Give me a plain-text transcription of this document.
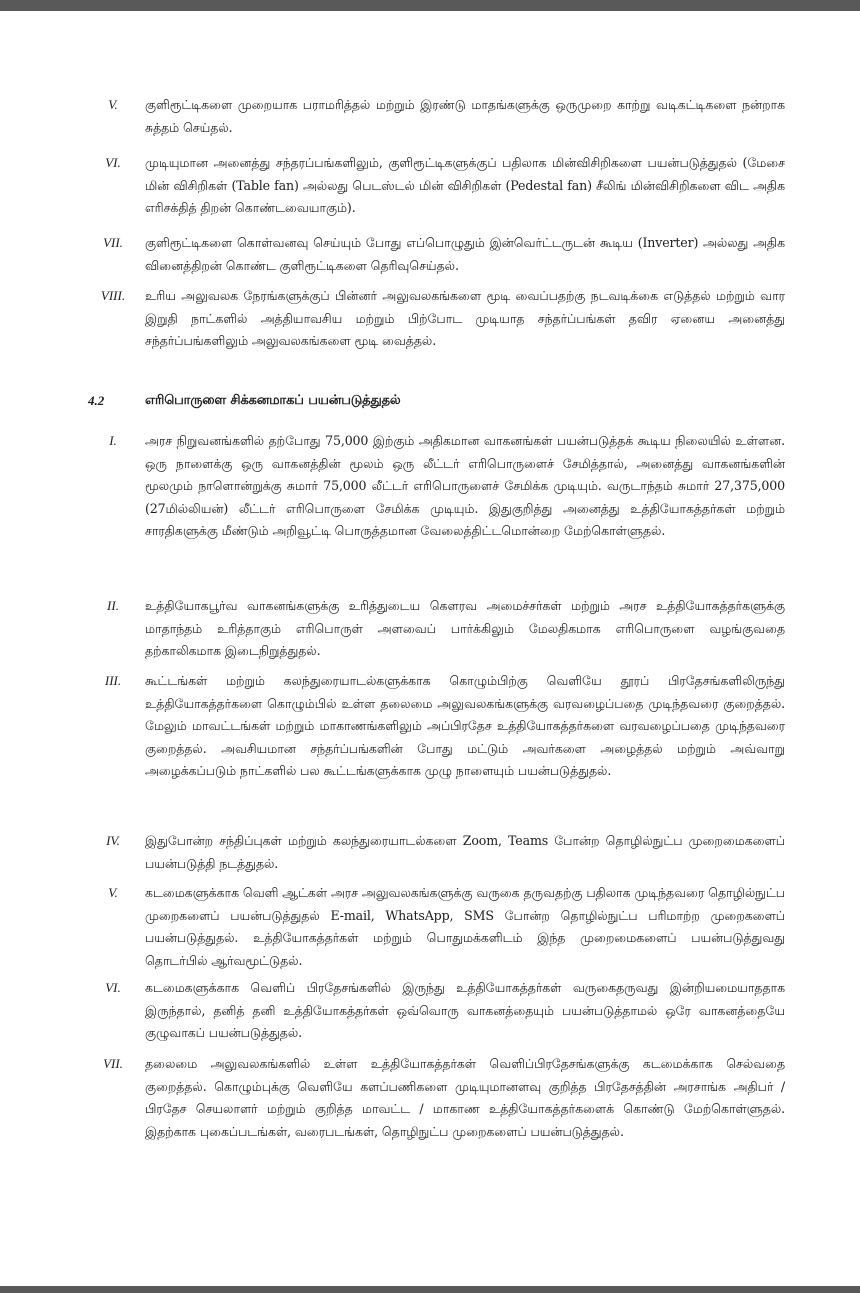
V.	குளிரூட்டிகளை முறையாக பராமரித்தல் மற்றும் இரண்டு மாதங்களுக்கு ஒருமுறை காற்று வடிகட்டிகளை நன்றாக சுத்தம் செய்தல்.
VI.	முடியுமான அனைத்து சந்தரப்பங்களிலும், குளிரூட்டிகளுக்குப் பதிலாக மின்விசிறிகளை பயன்படுத்துதல் (மேசை மின் விசிறிகள் (Table fan) அல்லது பெடஸ்டல் மின் விசிறிகள் (Pedestal fan) சீலிங் மின்விசிறிகளை விட அதிக எரிசக்தித் திறன் கொண்டவையாகும்).
VII.	குளிரூட்டிகளை கொள்வனவு செய்யும் போது எப்பொழுதும் இன்வெர்ட்டருடன் கூடிய (Inverter) அல்லது அதிக வினைத்திறன் கொண்ட குளிரூட்டிகளை தெரிவுசெய்தல்.
VIII.	உரிய அலுவலக நேரங்களுக்குப் பின்னர் அலுவலகங்களை மூடி வைப்பதற்கு நடவடிக்கை எடுத்தல் மற்றும் வார இறுதி நாட்களில் அத்தியாவசிய மற்றும் பிற்போட முடியாத சந்தர்ப்பங்கள் தவிர ஏனைய அனைத்து சந்தர்ப்பங்களிலும் அலுவலகங்களை மூடி வைத்தல்.
4.2	எரிபொருளை சிக்கனமாகப் பயன்படுத்துதல்
I.	அரச நிறுவனங்களில் தற்போது 75,000 இற்கும் அதிகமான வாகனங்கள் பயன்படுத்தக் கூடிய நிலையில் உள்ளன. ஒரு நாளைக்கு ஒரு வாகனத்தின் மூலம் ஒரு லீட்டர் எரிபொருளைச் சேமித்தால், அனைத்து வாகனங்களின் மூலமும் நாளொன்றுக்கு சுமார் 75,000 லீட்டர் எரிபொருளைச் சேமிக்க முடியும். வருடாந்தம் சுமார் 27,375,000 (27மில்லியன்) லீட்டர் எரிபொருளை சேமிக்க முடியும். இதுகுறித்து அனைத்து உத்தியோகத்தர்கள் மற்றும் சாரதிகளுக்கு மீண்டும் அறிவூட்டி பொருத்தமான வேலைத்திட்டமொன்றை மேற்கொள்ளுதல்.
II.	உத்தியோகபூர்வ வாகனங்களுக்கு உரித்துடைய கௌரவ அமைச்சர்கள் மற்றும் அரச உத்தியோகத்தர்களுக்கு மாதாந்தம் உரித்தாகும் எரிபொருள் அளவைப் பார்க்கிலும் மேலதிகமாக எரிபொருளை வழங்குவதை தற்காலிகமாக இடைநிறுத்துதல்.
III.	கூட்டங்கள் மற்றும் கலந்துரையாடல்களுக்காக கொழும்பிற்கு வெளியே தூரப் பிரதேசங்களிலிருந்து உத்தியோகத்தர்களை கொழும்பில் உள்ள தலைமை அலுவலகங்களுக்கு வரவழைப்பதை முடிந்தவரை குறைத்தல். மேலும் மாவட்டங்கள் மற்றும் மாகாணங்களிலும் அப்பிரதேச உத்தியோகத்தர்களை வரவழைப்பதை முடிந்தவரை குறைத்தல். அவசியமான சந்தர்ப்பங்களின் போது மட்டும் அவர்களை அழைத்தல் மற்றும் அவ்வாறு அழைக்கப்படும் நாட்களில் பல கூட்டங்களுக்காக முழு நாளையும் பயன்படுத்துதல்.
IV.	இதுபோன்ற சந்திப்புகள் மற்றும் கலந்துரையாடல்களை Zoom, Teams போன்ற தொழில்நுட்ப முறைமைகளைப் பயன்படுத்தி நடத்துதல்.
V.	கடமைகளுக்காக வெளி ஆட்கள் அரச அலுவலகங்களுக்கு வருகை தருவதற்கு பதிலாக முடிந்தவரை தொழில்நுட்ப முறைகளைப் பயன்படுத்துதல் E-mail, WhatsApp, SMS போன்ற தொழில்நுட்ப பரிமாற்ற முறைகளைப் பயன்படுத்துதல். உத்தியோகத்தர்கள் மற்றும் பொதுமக்களிடம் இந்த முறைமைகளைப் பயன்படுத்துவது தொடர்பில் ஆர்வமூட்டுதல்.
VI.	கடமைகளுக்காக வெளிப் பிரதேசங்களில் இருந்து உத்தியோகத்தர்கள் வருகைதருவது இன்றியமையாததாக இருந்தால், தனித் தனி உத்தியோகத்தர்கள் ஒவ்வொரு வாகனத்தையும் பயன்படுத்தாமல் ஒரே வாகனத்தையே குழுவாகப் பயன்படுத்துதல்.
VII.	தலைமை அலுவலகங்களில் உள்ள உத்தியோகத்தர்கள் வெளிப்பிரதேசங்களுக்கு கடமைக்காக செல்வதை குறைத்தல். கொழும்புக்கு வெளியே களப்பணிகளை முடியுமானளவு குறித்த பிரதேசத்தின் அரசாங்க அதிபர் / பிரதேச செயலாளர் மற்றும் குறித்த மாவட்ட / மாகாண உத்தியோகத்தர்களைக் கொண்டு மேற்கொள்ளுதல். இதற்காக புகைப்படங்கள், வரைபடங்கள், தொழிநுட்ப முறைகளைப் பயன்படுத்துதல்.
